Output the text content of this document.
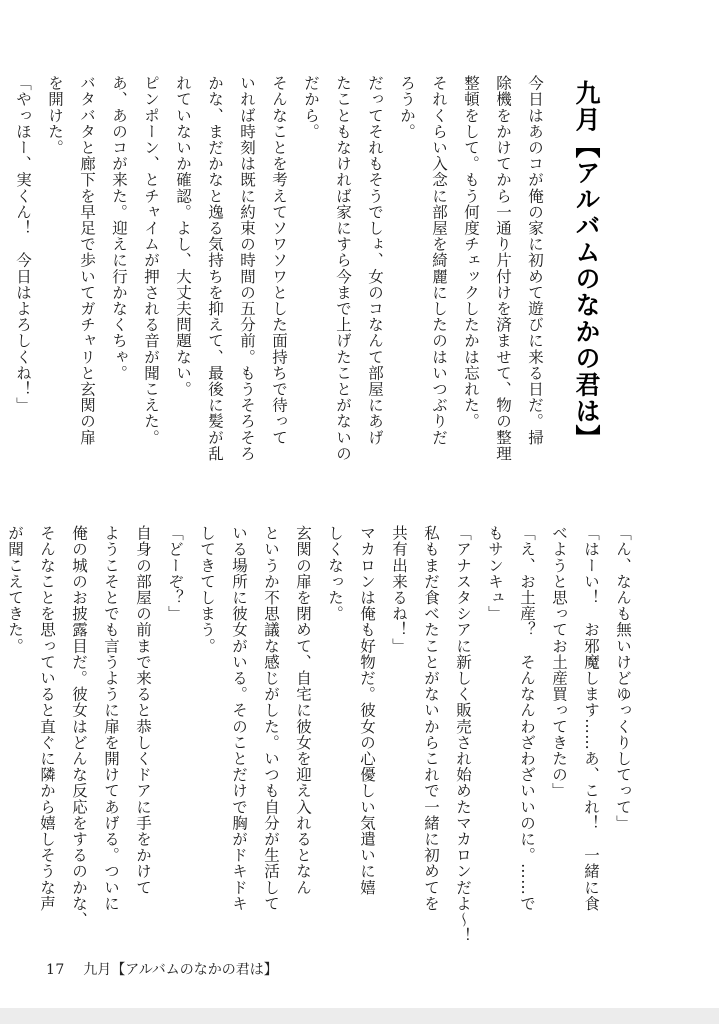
九月【アルバムのなかの君は】
今日はあのコが俺の家に初めて遊びに来る日だ。掃
除機をかけてから一通り片付けを済ませて、物の整理
整頓をして。もう何度チェックしたかは忘れた。
それくらい入念に部屋を綺麗にしたのはいつぶりだ
ろうか。
だってそれもそうでしょ、女のコなんて部屋にあげ
たこともなければ家にすら今まで上げたことがないの
だから。
そんなことを考えてソワソワとした面持ちで待って
いれば時刻は既に約束の時間の五分前。もうそろそろ
かな、まだかなと逸る気持ちを抑えて、最後に髪が乱
れていないか確認。よし、大丈夫問題ない。
ピンポーン、とチャイムが押される音が聞こえた。
あ、あのコが来た。迎えに行かなくちゃ。
バタバタと廊下を早足で歩いてガチャリと玄関の扉
を開けた。
「やっほー、実くん！　今日はよろしくね！」
「ん、なんも無いけどゆっくりしてって」
「はーい！　お邪魔します……あ、これ！　一緒に食
べようと思ってお土産買ってきたの」
「え、お土産？　そんなんわざわざいいのに。……で
もサンキュ」
「アナスタシアに新しく販売され始めたマカロンだよ～！
私もまだ食べたことがないからこれで一緒に初めてを
共有出来るね！」
マカロンは俺も好物だ。彼女の心優しい気遣いに嬉
しくなった。
玄関の扉を閉めて、自宅に彼女を迎え入れるとなん
というか不思議な感じがした。いつも自分が生活して
いる場所に彼女がいる。そのことだけで胸がドキドキ
してきてしまう。
「どーぞ？」
自身の部屋の前まで来ると恭しくドアに手をかけて
ようこそとでも言うように扉を開けてあげる。ついに
俺の城のお披露目だ。彼女はどんな反応をするのかな、
そんなことを思っていると直ぐに隣から嬉しそうな声
が聞こえてきた。
17 九月【アルバムのなかの君は】
